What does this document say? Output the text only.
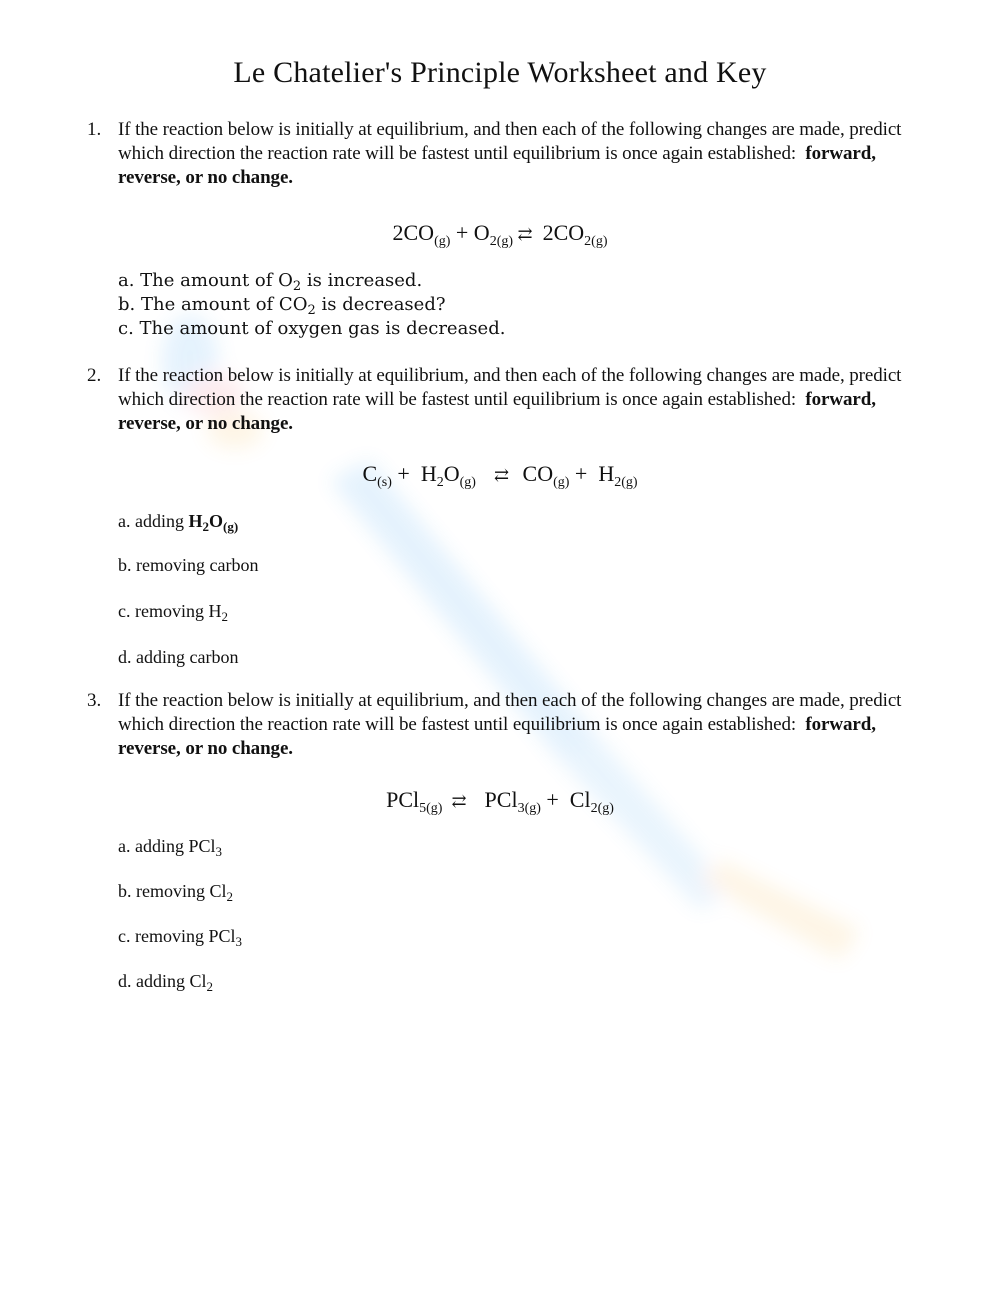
Le Chatelier's Principle Worksheet and Key
1. If the reaction below is initially at equilibrium, and then each of the following changes are made, predict which direction the reaction rate will be fastest until equilibrium is once again established: forward, reverse, or no change.
$2CO_{(g)} + O_{2(g)}$ ⇄  $2CO_{2(g)}$
a. The amount of $O_2$ is increased.
b. The amount of $CO_2$ is decreased?
c. The amount of oxygen gas is decreased.
2. If the reaction below is initially at equilibrium, and then each of the following changes are made, predict which direction the reaction rate will be fastest until equilibrium is once again established: forward, reverse, or no change.
$C_{(s)} + H_2O_{(g)}$    ⇄   $CO_{(g)} + H_{2(g)}$
a. adding $H_2O_{(g)}$
b. removing carbon
c. removing $H_2$
d. adding carbon
3. If the reaction below is initially at equilibrium, and then each of the following changes are made, predict which direction the reaction rate will be fastest until equilibrium is once again established: forward, reverse, or no change.
PCl$_{5(g)}$  ⇄    $PCl_{3(g)} + Cl_{2(g)}$
a. adding PCl$_3$
b. removing $Cl_2$
c. removing PCl$_3$
d. adding $Cl_2$
